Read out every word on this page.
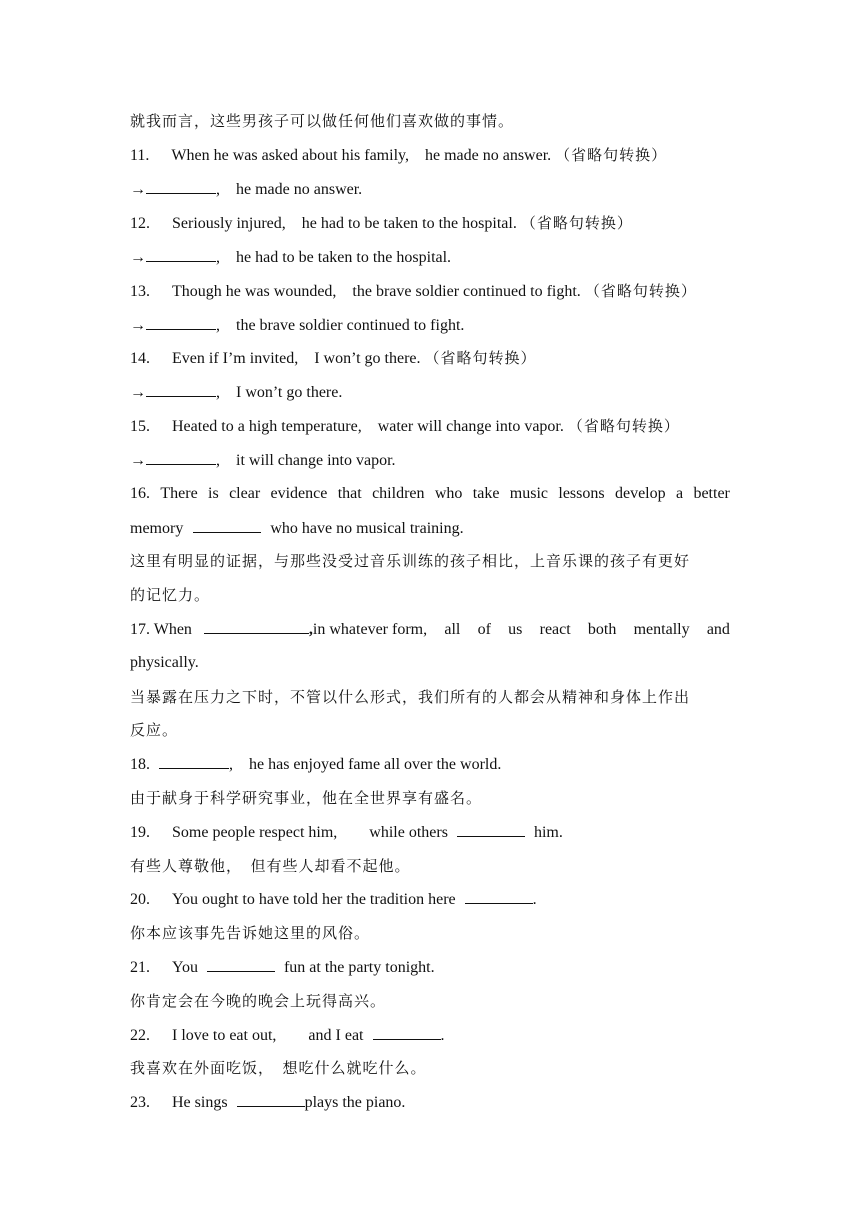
就我而言，这些男孩子可以做任何他们喜欢做的事情。
11. When he was asked about his family,　he made no answer. （省略句转换）
→	,　he made no answer.
12. Seriously injured,　he had to be taken to the hospital. （省略句转换）
→	,　he had to be taken to the hospital.
13. Though he was wounded,　the brave soldier continued to fight. （省略句转换）
→	,　the brave soldier continued to fight.
14. Even if I’m invited,　I won’t go there. （省略句转换）
→	,　I won’t go there.
15. Heated to a high temperature,　water will change into vapor. （省略句转换）
→	,　it will change into vapor.
16. There is clear evidence that children who take music lessons develop a better
memory	who have no musical training.
这里有明显的证据，与那些没受过音乐训练的孩子相比，上音乐课的孩子有更好
的记忆力。
17. When	,in whatever form, all of us react both mentally and
physically.
当暴露在压力之下时，不管以什么形式，我们所有的人都会从精神和身体上作出
反应。
18.	,　he has enjoyed fame all over the world.
由于献身于科学研究事业，他在全世界享有盛名。
19. Some people respect him,　　while others	him.
有些人尊敬他，　但有些人却看不起他。
20. You ought to have told her the tradition here	.
你本应该事先告诉她这里的风俗。
21. You	fun at the party tonight.
你肯定会在今晚的晚会上玩得高兴。
22. I love to eat out,　　and I eat	.
我喜欢在外面吃饭，　想吃什么就吃什么。
23. He sings	plays the piano.
